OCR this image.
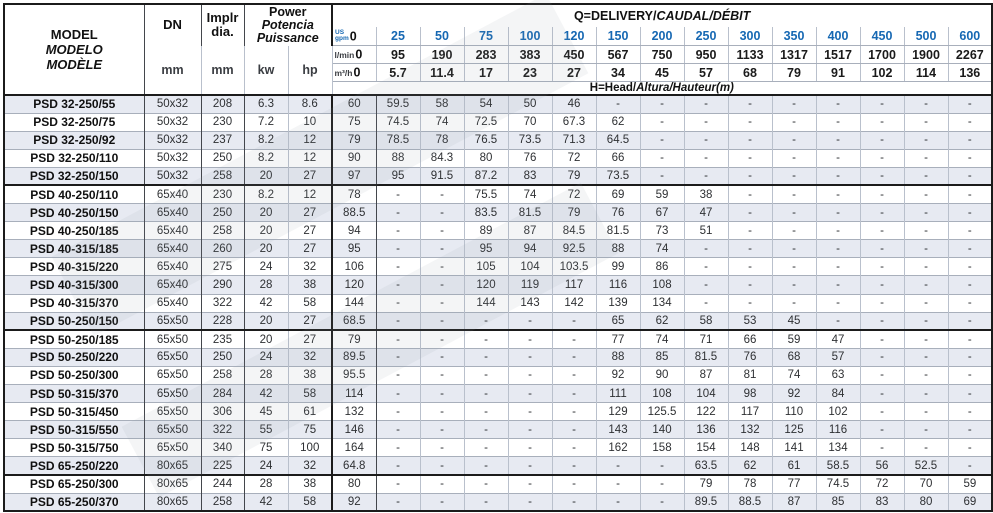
MODEL
MODELO
MODÈLE
	DN	Implr
dia.

Power
Potencia
Puissance
	Q=DELIVERY/CAUDAL/DÉBIT

					US
gpm 0	25	50	75	100	120	150	200	250	300	350	400	450	500	600
	mm	mm	kw	hp	l/min0	95	190	283	383	450	567	750	950	1133	1317	1517	1700	1900	2267
					m³/h0	5.7	11.4	17	23	27	34	45	57	68	79	91	102	114	136
					H=Head/Altura/Hauteur(m)														
PSD 32-250/55	50x32	208	6.3	8.6	60	59.5	58	54	50	46	-	-	-	-	-	-	-	-	-
PSD 32-250/75	50x32	230	7.2	10	75	74.5	74	72.5	70	67.3	62	-	-	-	-	-	-	-	-
PSD 32-250/92	50x32	237	8.2	12	79	78.5	78	76.5	73.5	71.3	64.5	-	-	-	-	-	-	-	-
PSD 32-250/110	50x32	250	8.2	12	90	88	84.3	80	76	72	66	-	-	-	-	-	-	-	-
PSD 32-250/150	50x32	258	20	27	97	95	91.5	87.2	83	79	73.5	-	-	-	-	-	-	-	-
PSD 40-250/110	65x40	230	8.2	12	78	-	-	75.5	74	72	69	59	38	-	-	-	-	-	-
PSD 40-250/150	65x40	250	20	27	88.5	-	-	83.5	81.5	79	76	67	47	-	-	-	-	-	-
PSD 40-250/185	65x40	258	20	27	94	-	-	89	87	84.5	81.5	73	51	-	-	-	-	-	-
PSD 40-315/185	65x40	260	20	27	95	-	-	95	94	92.5	88	74	-	-	-	-	-	-	-
PSD 40-315/220	65x40	275	24	32	106	-	-	105	104	103.5	99	86	-	-	-	-	-	-	-
PSD 40-315/300	65x40	290	28	38	120	-	-	120	119	117	116	108	-	-	-	-	-	-	-
PSD 40-315/370	65x40	322	42	58	144	-	-	144	143	142	139	134	-	-	-	-	-	-	-
PSD 50-250/150	65x50	228	20	27	68.5	-	-	-	-	-	65	62	58	53	45	-	-	-	-
PSD 50-250/185	65x50	235	20	27	79	-	-	-	-	-	77	74	71	66	59	47	-	-	-
PSD 50-250/220	65x50	250	24	32	89.5	-	-	-	-	-	88	85	81.5	76	68	57	-	-	-
PSD 50-250/300	65x50	258	28	38	95.5	-	-	-	-	-	92	90	87	81	74	63	-	-	-
PSD 50-315/370	65x50	284	42	58	114	-	-	-	-	-	111	108	104	98	92	84	-	-	-
PSD 50-315/450	65x50	306	45	61	132	-	-	-	-	-	129	125.5	122	117	110	102	-	-	-
PSD 50-315/550	65x50	322	55	75	146	-	-	-	-	-	143	140	136	132	125	116	-	-	-
PSD 50-315/750	65x50	340	75	100	164	-	-	-	-	-	162	158	154	148	141	134	-	-	-
PSD 65-250/220	80x65	225	24	32	64.8	-	-	-	-	-	-	-	63.5	62	61	58.5	56	52.5	-
PSD 65-250/300	80x65	244	28	38	80	-	-	-	-	-	-	-	79	78	77	74.5	72	70	59
PSD 65-250/370	80x65	258	42	58	92	-	-	-	-	-	-	-	89.5	88.5	87	85	83	80	69
